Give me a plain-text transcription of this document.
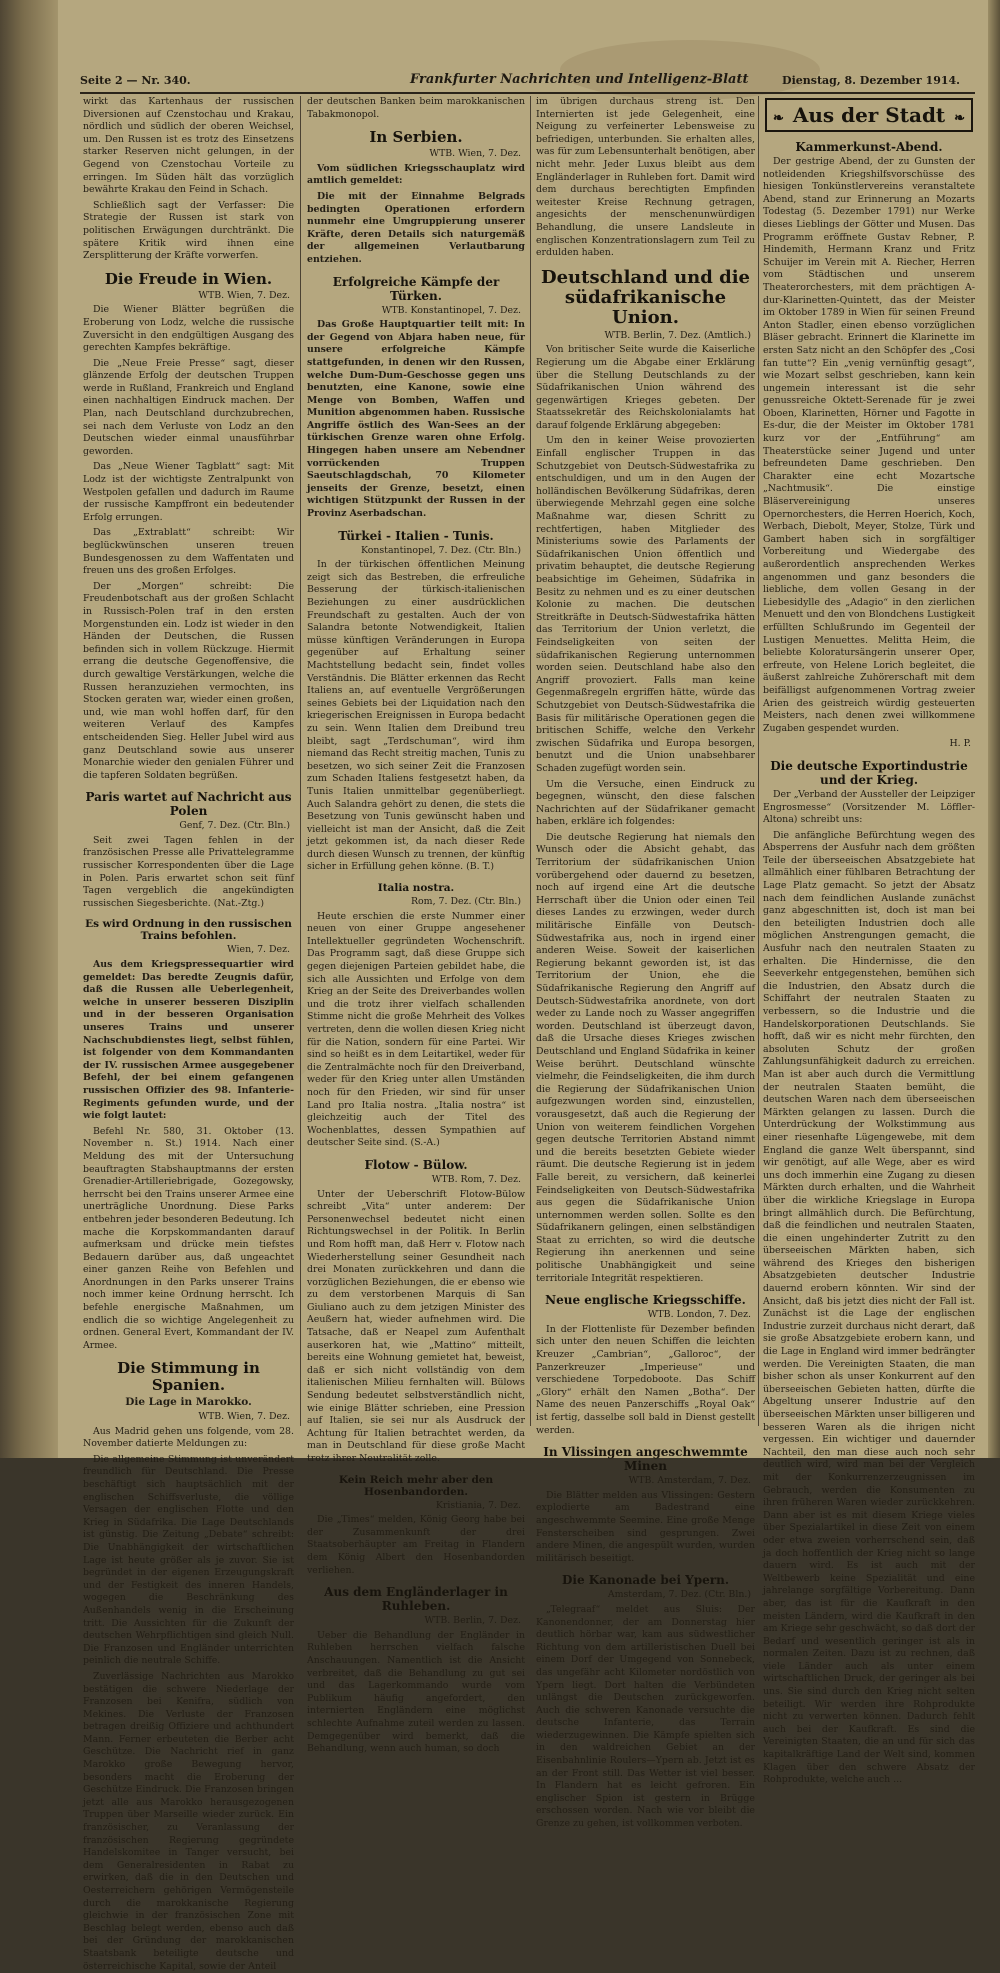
Seite 2 — Nr. 340.	Frankfurter Nachrichten und Intelligenz-Blatt	Dienstag, 8. Dezember 1914.

wirkt das Kartenhaus der russischen Diversionen auf Czenstochau und Krakau, nördlich und südlich der oberen Weichsel, um. Den Russen ist es trotz des Einsetzens starker Reserven nicht gelungen, in der Gegend von Czenstochau Vorteile zu erringen. Im Süden hält das vorzüglich bewährte Krakau den Feind in Schach.

Schließlich sagt der Verfasser: Die Strategie der Russen ist stark von politischen Erwägungen durchtränkt. Die spätere Kritik wird ihnen eine Zersplitterung der Kräfte vorwerfen.

Die Freude in Wien.
WTB. Wien, 7. Dez.

Die Wiener Blätter begrüßen die Eroberung von Lodz, welche die russische Zuversicht in den endgültigen Ausgang des gerechten Kampfes bekräftige.

Die „Neue Freie Presse“ sagt, dieser glänzende Erfolg der deutschen Truppen werde in Rußland, Frankreich und England einen nachhaltigen Eindruck machen. Der Plan, nach Deutschland durchzubrechen, sei nach dem Verluste von Lodz an den Deutschen wieder einmal unausführbar geworden.

Das „Neue Wiener Tagblatt“ sagt: Mit Lodz ist der wichtigste Zentralpunkt von Westpolen gefallen und dadurch im Raume der russische Kampffront ein bedeutender Erfolg errungen.

Das „Extrablatt“ schreibt: Wir beglückwünschen unseren treuen Bundesgenossen zu dem Waffentaten und freuen uns des großen Erfolges.

Der „Morgen“ schreibt: Die Freudenbotschaft aus der großen Schlacht in Russisch-Polen traf in den ersten Morgenstunden ein. Lodz ist wieder in den Händen der Deutschen, die Russen befinden sich in vollem Rückzuge. Hiermit errang die deutsche Gegenoffensive, die durch gewaltige Verstärkungen, welche die Russen heranzuziehen vermochten, ins Stocken geraten war, wieder einen großen, und, wie man wohl hoffen darf, für den weiteren Verlauf des Kampfes entscheidenden Sieg. Heller Jubel wird aus ganz Deutschland sowie aus unserer Monarchie wieder den genialen Führer und die tapferen Soldaten begrüßen.

Paris wartet auf Nachricht aus Polen
Genf, 7. Dez. (Ctr. Bln.)

Seit zwei Tagen fehlen in der französischen Presse alle Privattelegramme russischer Korrespondenten über die Lage in Polen. Paris erwartet schon seit fünf Tagen vergeblich die angekündigten russischen Siegesberichte. (Nat.-Ztg.)

Es wird Ordnung in den russischen Trains befohlen.
Wien, 7. Dez.

Aus dem Kriegspressequartier wird gemeldet: Das beredte Zeugnis dafür, daß die Russen alle Ueberlegenheit, welche in unserer besseren Disziplin und in der besseren Organisation unseres Trains und unserer Nachschubdienstes liegt, selbst fühlen, ist folgender von dem Kommandanten der IV. russischen Armee ausgegebener Befehl, der bei einem gefangenen russischen Offizier des 98. Infanterie-Regiments gefunden wurde, und der wie folgt lautet:

Befehl Nr. 580, 31. Oktober (13. November n. St.) 1914. Nach einer Meldung des mit der Untersuchung beauftragten Stabshauptmanns der ersten Grenadier-Artilleriebrigade, Gozegowsky, herrscht bei den Trains unserer Armee eine unerträgliche Unordnung. Diese Parks entbehren jeder besonderen Bedeutung. Ich mache die Korpskommandanten darauf aufmerksam und drücke mein tiefstes Bedauern darüber aus, daß ungeachtet einer ganzen Reihe von Befehlen und Anordnungen in den Parks unserer Trains noch immer keine Ordnung herrscht. Ich befehle energische Maßnahmen, um endlich die so wichtige Angelegenheit zu ordnen. General Evert, Kommandant der IV. Armee.

Die Stimmung in Spanien.
Die Lage in Marokko.
WTB. Wien, 7. Dez.

Aus Madrid gehen uns folgende, vom 28. November datierte Meldungen zu:

Die allgemeine Stimmung ist unverändert freundlich für Deutschland. Die Presse beschäftigt sich hauptsächlich mit der englischen Schiffsverluste, die völlige Versagen der englischen Flotte und den Krieg in Südafrika. Die Lage Deutschlands ist günstig. Die Zeitung „Debate“ schreibt: Die Unabhängigkeit der wirtschaftlichen Lage ist heute größer als je zuvor. Sie ist begründet in der eigenen Erzeugungskraft und der Festigkeit des inneren Handels, wogegen die Beschränkung des Außenhandels wenig in die Erscheinung tritt. Die Aussichten für die Zukunft der deutschen Wehrpflichtigen sind gleich Null. Die Franzosen und Engländer unterrichten peinlich die neutrale Schiffe.

Zuverlässige Nachrichten aus Marokko bestätigen die schwere Niederlage der Franzosen bei Kenifra, südlich von Mekines. Die Verluste der Franzosen betragen dreißig Offiziere und achthundert Mann. Ferner erbeuteten die Berber acht Geschütze. Die Nachricht rief in ganz Marokko große Bewegung hervor, besonders macht die Eroberung der Geschütze Eindruck. Die Franzosen bringen jetzt alle aus Marokko herausgezogenen Truppen über Marseille wieder zurück. Ein französischer, zu Veranlassung der französischen Regierung gegründete Handelskomitee in Tanger versucht, bei dem Generalresidenten in Rabat zu erwirken, daß die in den Deutschen und Oesterreichern gehörigen Vermögensteile durch die marokkanische Regierung gleichwie in der französischen Zone mit Beschlag belegt werden, ebenso auch daß bei der Gründung der marokkanischen Staatsbank beteiligte deutsche und österreichische Kapital, sowie der Anteil

der deutschen Banken beim marokkanischen Tabakmonopol.

In Serbien.
WTB. Wien, 7. Dez.

Vom südlichen Kriegsschauplatz wird amtlich gemeldet:

Die mit der Einnahme Belgrads bedingten Operationen erfordern nunmehr eine Umgruppierung unserer Kräfte, deren Details sich naturgemäß der allgemeinen Verlautbarung entziehen.

Erfolgreiche Kämpfe der Türken.
WTB. Konstantinopel, 7. Dez.

Das Große Hauptquartier teilt mit: In der Gegend von Abjara haben neue, für unsere erfolgreiche Kämpfe stattgefunden, in denen wir den Russen, welche Dum-Dum-Geschosse gegen uns benutzten, eine Kanone, sowie eine Menge von Bomben, Waffen und Munition abgenommen haben. Russische Angriffe östlich des Wan-Sees an der türkischen Grenze waren ohne Erfolg. Hingegen haben unsere am Nebendner vorrückenden Truppen Saeutschlagdschah, 70 Kilometer jenseits der Grenze, besetzt, einen wichtigen Stützpunkt der Russen in der Provinz Aserbadschan.

Türkei - Italien - Tunis.
Konstantinopel, 7. Dez. (Ctr. Bln.)

In der türkischen öffentlichen Meinung zeigt sich das Bestreben, die erfreuliche Besserung der türkisch-italienischen Beziehungen zu einer ausdrücklichen Freundschaft zu gestalten. Auch der von Salandra betonte Notwendigkeit, Italien müsse künftigen Veränderungen in Europa gegenüber auf Erhaltung seiner Machtstellung bedacht sein, findet volles Verständnis. Die Blätter erkennen das Recht Italiens an, auf eventuelle Vergrößerungen seines Gebiets bei der Liquidation nach den kriegerischen Ereignissen in Europa bedacht zu sein. Wenn Italien dem Dreibund treu bleibt, sagt „Terdschuman“, wird ihm niemand das Recht streitig machen, Tunis zu besetzen, wo sich seiner Zeit die Franzosen zum Schaden Italiens festgesetzt haben, da Tunis Italien unmittelbar gegenüberliegt. Auch Salandra gehört zu denen, die stets die Besetzung von Tunis gewünscht haben und vielleicht ist man der Ansicht, daß die Zeit jetzt gekommen ist, da nach dieser Rede durch diesen Wunsch zu trennen, der künftig sicher in Erfüllung gehen könne. (B. T.)

Italia nostra.
Rom, 7. Dez. (Ctr. Bln.)

Heute erschien die erste Nummer einer neuen von einer Gruppe angesehener Intellektueller gegründeten Wochenschrift. Das Programm sagt, daß diese Gruppe sich gegen diejenigen Parteien gebildet habe, die sich alle Aussichten und Erfolge von dem Krieg an der Seite des Dreiverbandes wollen und die trotz ihrer vielfach schallenden Stimme nicht die große Mehrheit des Volkes vertreten, denn die wollen diesen Krieg nicht für die Nation, sondern für eine Partei. Wir sind so heißt es in dem Leitartikel, weder für die Zentralmächte noch für den Dreiverband, weder für den Krieg unter allen Umständen noch für den Frieden, wir sind für unser Land pro Italia nostra. „Italia nostra“ ist gleichzeitig auch der Titel des Wochenblattes, dessen Sympathien auf deutscher Seite sind. (S.-A.)

Flotow - Bülow.
WTB. Rom, 7. Dez.

Unter der Ueberschrift Flotow-Bülow schreibt „Vita“ unter anderem: Der Personenwechsel bedeutet nicht einen Richtungswechsel in der Politik. In Berlin und Rom hofft man, daß Herr v. Flotow nach Wiederherstellung seiner Gesundheit nach drei Monaten zurückkehren und dann die vorzüglichen Beziehungen, die er ebenso wie zu dem verstorbenen Marquis di San Giuliano auch zu dem jetzigen Minister des Aeußern hat, wieder aufnehmen wird. Die Tatsache, daß er Neapel zum Aufenthalt auserkoren hat, wie „Mattino“ mitteilt, bereits eine Wohnung gemietet hat, beweist, daß er sich nicht vollständig von dem italienischen Milieu fernhalten will. Bülows Sendung bedeutet selbstverständlich nicht, wie einige Blätter schrieben, eine Pression auf Italien, sie sei nur als Ausdruck der Achtung für Italien betrachtet werden, da man in Deutschland für diese große Macht trotz ihrer Neutralität zolle.

Kein Reich mehr aber den Hosenbandorden.
Kristiania, 7. Dez.

Die „Times“ melden, König Georg habe bei der Zusammenkunft der drei Staatsoberhäupter am Freitag in Flandern dem König Albert den Hosenbandorden verliehen.

Aus dem Engländerlager in Ruhleben.
WTB. Berlin, 7. Dez.

Ueber die Behandlung der Engländer in Ruhleben herrschen vielfach falsche Anschauungen. Namentlich ist die Ansicht verbreitet, daß die Behandlung zu gut sei und das Lagerkommando wurde vom Publikum häufig angefordert, den internierten Engländern eine möglichst schlechte Aufnahme zuteil werden zu lassen. Demgegenüber wird bemerkt, daß die Behandlung, wenn auch human, so doch

im übrigen durchaus streng ist. Den Internierten ist jede Gelegenheit, eine Neigung zu verfeinerter Lebensweise zu befriedigen, unterbunden. Sie erhalten alles, was für zum Lebensunterhalt benötigen, aber nicht mehr. Jeder Luxus bleibt aus dem Engländerlager in Ruhleben fort. Damit wird dem durchaus berechtigten Empfinden weitester Kreise Rechnung getragen, angesichts der menschenunwürdigen Behandlung, die unsere Landsleute in englischen Konzentrationslagern zum Teil zu erdulden haben.

Deutschland und die südafrikanische Union.
WTB. Berlin, 7. Dez. (Amtlich.)

Von britischer Seite wurde die Kaiserliche Regierung um die Abgabe einer Erklärung über die Stellung Deutschlands zu der Südafrikanischen Union während des gegenwärtigen Krieges gebeten. Der Staatssekretär des Reichskolonialamts hat darauf folgende Erklärung abgegeben:

Um den in keiner Weise provozierten Einfall englischer Truppen in das Schutzgebiet von Deutsch-Südwestafrika zu entschuldigen, und um in den Augen der holländischen Bevölkerung Südafrikas, deren überwiegende Mehrzahl gegen eine solche Maßnahme war, diesen Schritt zu rechtfertigen, haben Mitglieder des Ministeriums sowie des Parlaments der Südafrikanischen Union öffentlich und privatim behauptet, die deutsche Regierung beabsichtige im Geheimen, Südafrika in Besitz zu nehmen und es zu einer deutschen Kolonie zu machen. Die deutschen Streitkräfte in Deutsch-Südwestafrika hätten das Territorium der Union verletzt, die Feindseligkeiten von seiten der südafrikanischen Regierung unternommen worden seien. Deutschland habe also den Angriff provoziert. Falls man keine Gegenmaßregeln ergriffen hätte, würde das Schutzgebiet von Deutsch-Südwestafrika die Basis für militärische Operationen gegen die britischen Schiffe, welche den Verkehr zwischen Südafrika und Europa besorgen, benutzt und die Union unabsehbarer Schaden zugefügt worden sein.

Um die Versuche, einen Eindruck zu begegnen, wünscht, den diese falschen Nachrichten auf der Südafrikaner gemacht haben, erkläre ich folgendes:

Die deutsche Regierung hat niemals den Wunsch oder die Absicht gehabt, das Territorium der südafrikanischen Union vorübergehend oder dauernd zu besetzen, noch auf irgend eine Art die deutsche Herrschaft über die Union oder einen Teil dieses Landes zu erzwingen, weder durch militärische Einfälle von Deutsch-Südwestafrika aus, noch in irgend einer anderen Weise. Soweit der kaiserlichen Regierung bekannt geworden ist, ist das Territorium der Union, ehe die Südafrikanische Regierung den Angriff auf Deutsch-Südwestafrika anordnete, von dort weder zu Lande noch zu Wasser angegriffen worden. Deutschland ist überzeugt davon, daß die Ursache dieses Krieges zwischen Deutschland und England Südafrika in keiner Weise berührt. Deutschland wünschte vielmehr, die Feindseligkeiten, die ihm durch die Regierung der Südafrikanischen Union aufgezwungen worden sind, einzustellen, vorausgesetzt, daß auch die Regierung der Union von weiterem feindlichen Vorgehen gegen deutsche Territorien Abstand nimmt und die bereits besetzten Gebiete wieder räumt. Die deutsche Regierung ist in jedem Falle bereit, zu versichern, daß keinerlei Feindseligkeiten von Deutsch-Südwestafrika aus gegen die Südafrikanische Union unternommen werden sollen. Sollte es den Südafrikanern gelingen, einen selbständigen Staat zu errichten, so wird die deutsche Regierung ihn anerkennen und seine politische Unabhängigkeit und seine territoriale Integrität respektieren.

Neue englische Kriegsschiffe.
WTB. London, 7. Dez.

In der Flottenliste für Dezember befinden sich unter den neuen Schiffen die leichten Kreuzer „Cambrian“, „Galloroc“, der Panzerkreuzer „Imperieuse“ und verschiedene Torpedoboote. Das Schiff „Glory“ erhält den Namen „Botha“. Der Name des neuen Panzerschiffs „Royal Oak“ ist fertig, dasselbe soll bald in Dienst gestellt werden.

In Vlissingen angeschwemmte Minen
WTB. Amsterdam, 7. Dez.

Die Blätter melden aus Vlissingen: Gestern explodierte am Badestrand eine angeschwemmte Seemine. Eine große Menge Fensterscheiben sind gesprungen. Zwei andere Minen, die angespült wurden, wurden militärisch beseitigt.

Die Kanonade bei Ypern.
Amsterdam, 7. Dez. (Ctr. Bln.)

„Telegraaf“ meldet aus Sluis: Der Kanonendonner, der am Donnerstag hier deutlich hörbar war, kam aus südwestlicher Richtung von dem artilleristischen Duell bei einem Dorf der Umgegend von Sonnebeck, das ungefähr acht Kilometer nordöstlich von Ypern liegt. Dort halten die Verbündeten unlängst die Deutschen zurückgeworfen. Auch die schweren Kanonade versuchte die deutsche Infanterie, das Terrain wiederzugewinnen. Die Kämpfe spielten sich in den waldreichen Gebiet an der Eisenbahnlinie Roulers—Ypern ab. Jetzt ist es an der Front still. Das Wetter ist viel besser. In Flandern hat es leicht gefroren. Ein englischer Spion ist gestern in Brügge erschossen worden. Nach wie vor bleibt die Grenze zu gehen, ist vollkommen verboten.

❧ Aus der Stadt ❧
Kammerkunst-Abend.

Der gestrige Abend, der zu Gunsten der notleidenden Kriegshilfsvorschüsse des hiesigen Tonkünstlervereins veranstaltete Abend, stand zur Erinnerung an Mozarts Todestag (5. Dezember 1791) nur Werke dieses Lieblings der Götter und Musen. Das Programm eröffnete Gustav Rebner, P. Hindemith, Hermann Kranz und Fritz Schuijer im Verein mit A. Riecher, Herren vom Städtischen und unserem Theaterorchesters, mit dem prächtigen A-dur-Klarinetten-Quintett, das der Meister im Oktober 1789 in Wien für seinen Freund Anton Stadler, einen ebenso vorzüglichen Bläser gebracht. Erinnert die Klarinette im ersten Satz nicht an den Schöpfer des „Cosi fan tutte“? Ein „venig vernünftig gesagt“, wie Mozart selbst geschrieben, kann kein ungemein interessant ist die sehr genussreiche Oktett-Serenade für je zwei Oboen, Klarinetten, Hörner und Fagotte in Es-dur, die der Meister im Oktober 1781 kurz vor der „Entführung“ am Theaterstücke seiner Jugend und unter befreundeten Dame geschrieben. Den Charakter eine echt Mozartsche „Nachtmusik“. Die einstige Bläservereinigung unseres Opernorchesters, die Herren Hoerich, Koch, Werbach, Diebolt, Meyer, Stolze, Türk und Gambert haben sich in sorgfältiger Vorbereitung und Wiedergabe des außerordentlich ansprechenden Werkes angenommen und ganz besonders die liebliche, dem vollen Gesang in der Liebesidylle des „Adagio“ in den zierlichen Menuett und den von Blondchens Lustigkeit erfüllten Schlußrundo im Gegenteil der Lustigen Menuettes. Melitta Heim, die beliebte Koloratursängerin unserer Oper, erfreute, von Helene Lorich begleitet, die äußerst zahlreiche Zuhörerschaft mit dem beifälligst aufgenommenen Vortrag zweier Arien des geistreich würdig gesteuerten Meisters, nach denen zwei willkommene Zugaben gespendet wurden.

H. P.
Die deutsche Exportindustrie und der Krieg.

Der „Verband der Aussteller der Leipziger Engrosmesse“ (Vorsitzender M. Löffler-Altona) schreibt uns:

Die anfängliche Befürchtung wegen des Absperrens der Ausfuhr nach dem größten Teile der überseeischen Absatzgebiete hat allmählich einer fühlbaren Betrachtung der Lage Platz gemacht. So jetzt der Absatz nach dem feindlichen Auslande zunächst ganz abgeschnitten ist, doch ist man bei den beteiligten Industrien doch alle möglichen Anstrengungen gemacht, die Ausfuhr nach den neutralen Staaten zu erhalten. Die Hindernisse, die den Seeverkehr entgegenstehen, bemühen sich die Industrien, den Absatz durch die Schiffahrt der neutralen Staaten zu verbessern, so die Industrie und die Handelskorporationen Deutschlands. Sie hofft, daß wir es nicht mehr fürchten, den absoluten Schutz der großen Zahlungsunfähigkeit dadurch zu erreichen. Man ist aber auch durch die Vermittlung der neutralen Staaten bemüht, die deutschen Waren nach dem überseeischen Märkten gelangen zu lassen. Durch die Unterdrückung der Wolkstimmung aus einer riesenhafte Lügengewebe, mit dem England die ganze Welt überspannt, sind wir genötigt, auf alle Wege, aber es wird uns doch immerhin eine Zugang zu diesen Märkten durch erhalten, und die Wahrheit über die wirkliche Kriegslage in Europa bringt allmählich durch. Die Befürchtung, daß die feindlichen und neutralen Staaten, die einen ungehinderter Zutritt zu den überseeischen Märkten haben, sich während des Krieges den bisherigen Absatzgebieten deutscher Industrie dauernd erobern könnten. Wir sind der Ansicht, daß bis jetzt dies nicht der Fall ist. Zunächst ist die Lage der englischen Industrie zurzeit durchaus nicht derart, daß sie große Absatzgebiete erobern kann, und die Lage in England wird immer bedrängter werden. Die Vereinigten Staaten, die man bisher schon als unser Konkurrent auf den überseeischen Gebieten hatten, dürfte die Abgeltung unserer Industrie auf den überseeischen Märkten unser billigeren und besseren Waren als die ihrigen nicht vergessen. Ein wichtiger und dauernder Nachteil, den man diese auch noch sehr deutlich wird, wird man bei der Vergleich mit der Konkurrenzerzeugnissen im Gebrauch, werden die Konsumenten zu ihren früheren Waren wieder zurückkehren. Dann aber ist es mit diesem Kriege vieles über Spezialartikel in diese Zeit von einem oder etwa zweien vorherrschend sein, daß ja doch hoffentlich der Krieg nicht so lange dauern wird. Es ist auch mit der Weltbewerb keine Spezialität und eine jahrelange sorgfältige Vorbereitung. Dann aber, das ist für die Kaufkraft in den meisten Ländern, wird die Kaufkraft in den am Kriege sehr geschwächt, so daß dort der Bedarf und wesentlich geringer ist als in normalen Zeiten. Dazu ist zu rechnen, daß viele Länder auch als unter einem wirtschaftlichen Druck, der geringer als bei uns. Sie sind durch den Krieg nicht selten beteiligt. Wir werden ihre Rohprodukte nicht zu verwerten können. Dadurch fehlt auch bei der Kaufkraft. Es sind die Vereinigten Staaten, die an und für sich das kapitalkräftige Land der Welt sind, kommen Klagen über den schwere Absatz der Rohprodukte, welche auch ...
